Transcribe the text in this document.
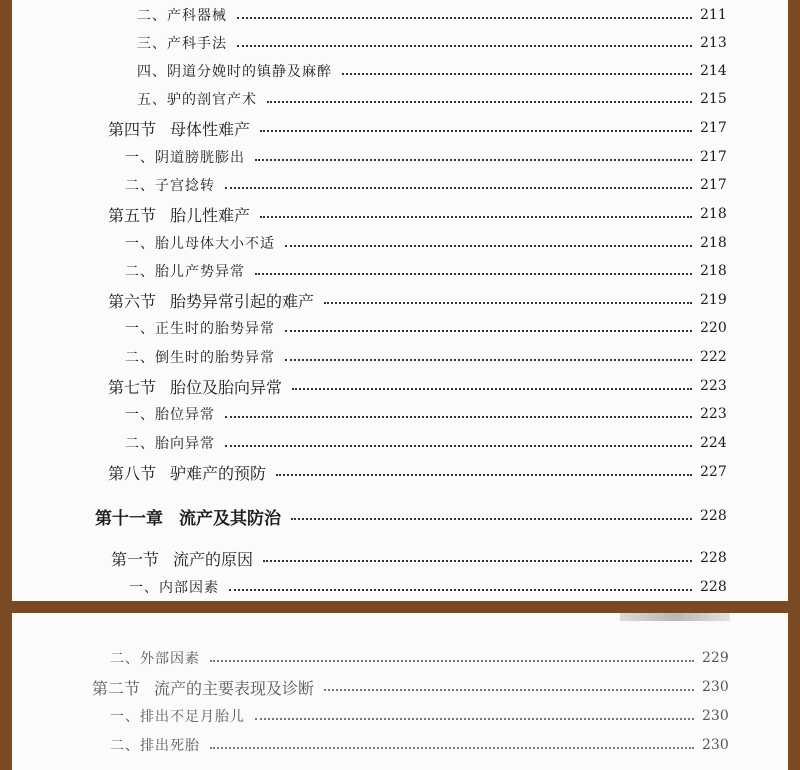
二、产科器械	211
三、产科手法	213
四、阴道分娩时的镇静及麻醉	214
五、驴的剖官产术	215
第四节 母体性难产	217
一、阴道膀胱膨出	217
二、子宫捻转	217
第五节 胎儿性难产	218
一、胎儿母体大小不适	218
二、胎儿产势异常	218
第六节 胎势异常引起的难产	219
一、正生时的胎势异常	220
二、倒生时的胎势异常	222
第七节 胎位及胎向异常	223
一、胎位异常	223
二、胎向异常	224
第八节 驴难产的预防	227
第十一章 流产及其防治	228
第一节 流产的原因	228
一、内部因素	228
二、外部因素	229
第二节 流产的主要表现及诊断	230
一、排出不足月胎儿	230
二、排出死胎	230
